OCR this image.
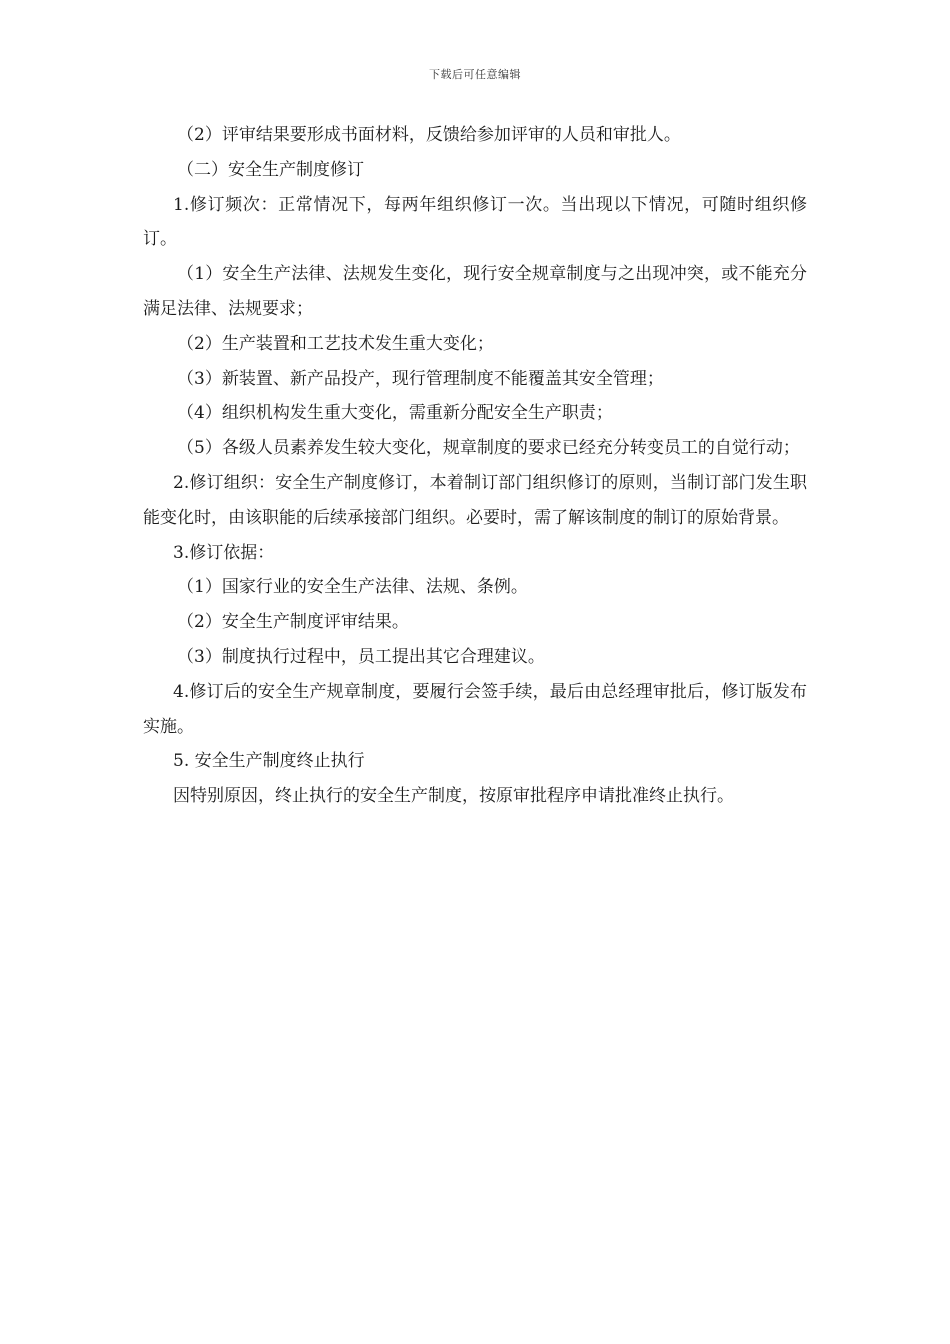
下载后可任意编辑

（2）评审结果要形成书面材料，反馈给参加评审的人员和审批人。

（二）安全生产制度修订

1.修订频次：正常情况下，每两年组织修订一次。当出现以下情况，可随时组织修订。

（1）安全生产法律、法规发生变化，现行安全规章制度与之出现冲突，或不能充分满足法律、法规要求；

（2）生产装置和工艺技术发生重大变化；

（3）新装置、新产品投产，现行管理制度不能覆盖其安全管理；

（4）组织机构发生重大变化，需重新分配安全生产职责；

（5）各级人员素养发生较大变化，规章制度的要求已经充分转变员工的自觉行动；

2.修订组织：安全生产制度修订，本着制订部门组织修订的原则，当制订部门发生职能变化时，由该职能的后续承接部门组织。必要时，需了解该制度的制订的原始背景。

3.修订依据：

（1）国家行业的安全生产法律、法规、条例。

（2）安全生产制度评审结果。

（3）制度执行过程中，员工提出其它合理建议。

4.修订后的安全生产规章制度，要履行会签手续，最后由总经理审批后，修订版发布实施。

5. 安全生产制度终止执行

因特别原因，终止执行的安全生产制度，按原审批程序申请批准终止执行。
